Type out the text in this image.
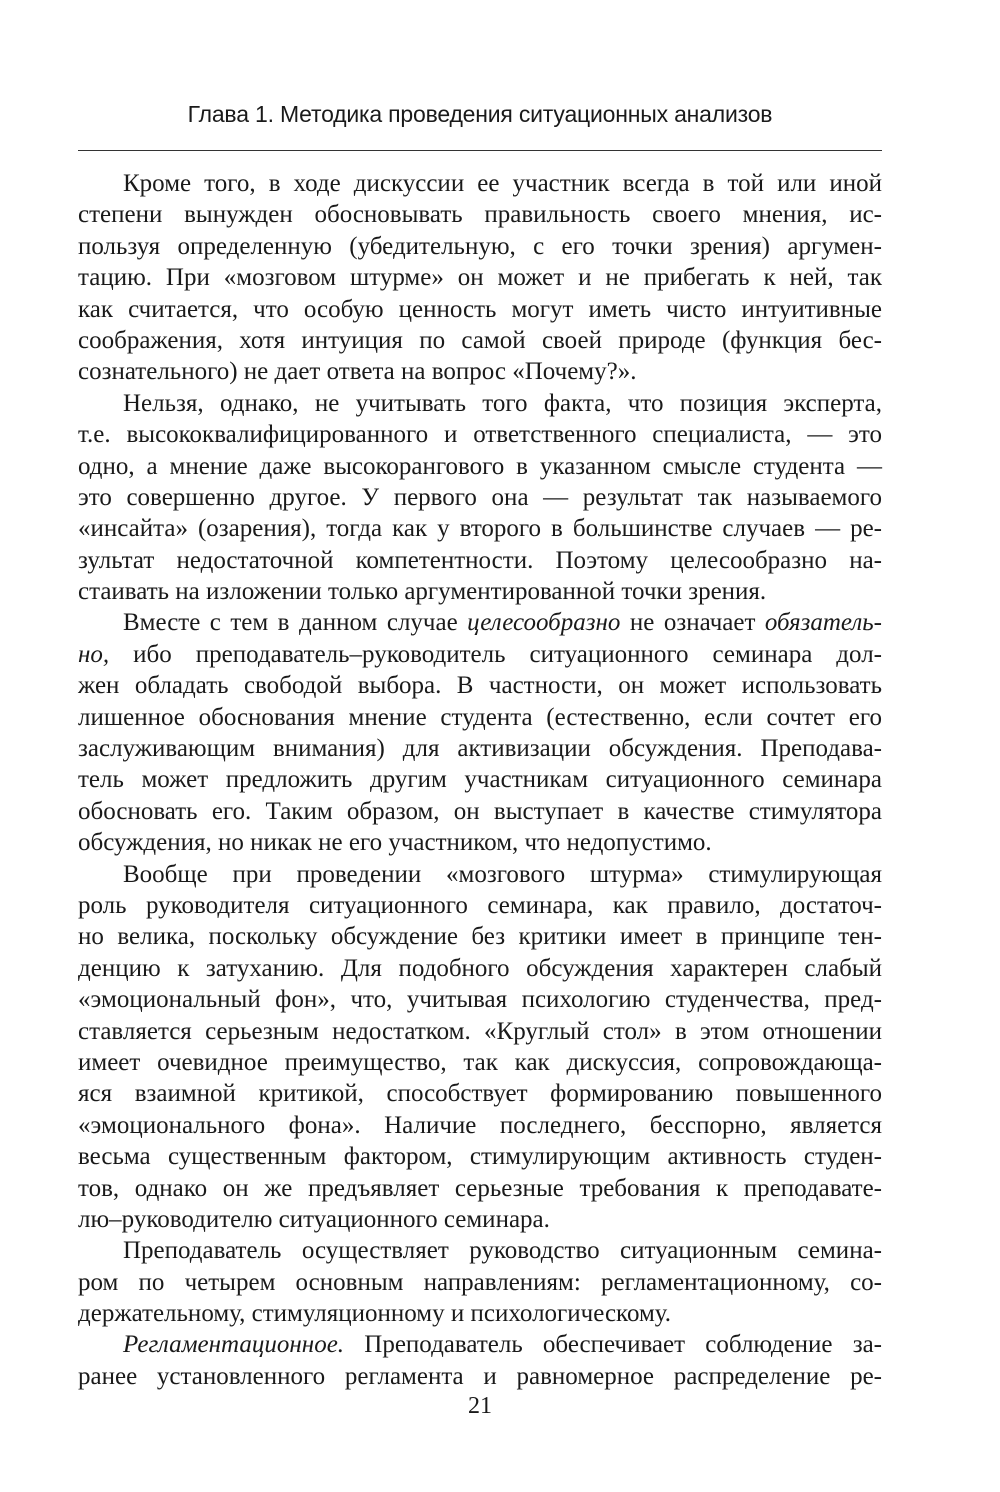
Глава 1. Методика проведения ситуационных анализов
Кроме того, в ходе дискуссии ее участник всегда в той или иной
степени вынужден обосновывать правильность своего мнения, ис-
пользуя определенную (убедительную, с его точки зрения) аргумен-
тацию. При «мозговом штурме» он может и не прибегать к ней, так
как считается, что особую ценность могут иметь чисто интуитивные
соображения, хотя интуиция по самой своей природе (функция бес-
сознательного) не дает ответа на вопрос «Почему?».
Нельзя, однако, не учитывать того факта, что позиция эксперта,
т.е. высококвалифицированного и ответственного специалиста, — это
одно, а мнение даже высокорангового в указанном смысле студента —
это совершенно другое. У первого она — результат так называемого
«инсайта» (озарения), тогда как у второго в большинстве случаев — ре-
зультат недостаточной компетентности. Поэтому целесообразно на-
стаивать на изложении только аргументированной точки зрения.
Вместе с тем в данном случае целесообразно не означает обязатель-
но, ибо преподаватель–руководитель ситуационного семинара дол-
жен обладать свободой выбора. В частности, он может использовать
лишенное обоснования мнение студента (естественно, если сочтет его
заслуживающим внимания) для активизации обсуждения. Преподава-
тель может предложить другим участникам ситуационного семинара
обосновать его. Таким образом, он выступает в качестве стимулятора
обсуждения, но никак не его участником, что недопустимо.
Вообще при проведении «мозгового штурма» стимулирующая
роль руководителя ситуационного семинара, как правило, достаточ-
но велика, поскольку обсуждение без критики имеет в принципе тен-
денцию к затуханию. Для подобного обсуждения характерен слабый
«эмоциональный фон», что, учитывая психологию студенчества, пред-
ставляется серьезным недостатком. «Круглый стол» в этом отношении
имеет очевидное преимущество, так как дискуссия, сопровождающа-
яся взаимной критикой, способствует формированию повышенного
«эмоционального фона». Наличие последнего, бесспорно, является
весьма существенным фактором, стимулирующим активность студен-
тов, однако он же предъявляет серьезные требования к преподавате-
лю–руководителю ситуационного семинара.
Преподаватель осуществляет руководство ситуационным семина-
ром по четырем основным направлениям: регламентационному, со-
держательному, стимуляционному и психологическому.
Регламентационное. Преподаватель обеспечивает соблюдение за-
ранее установленного регламента и равномерное распределение ре-
21
